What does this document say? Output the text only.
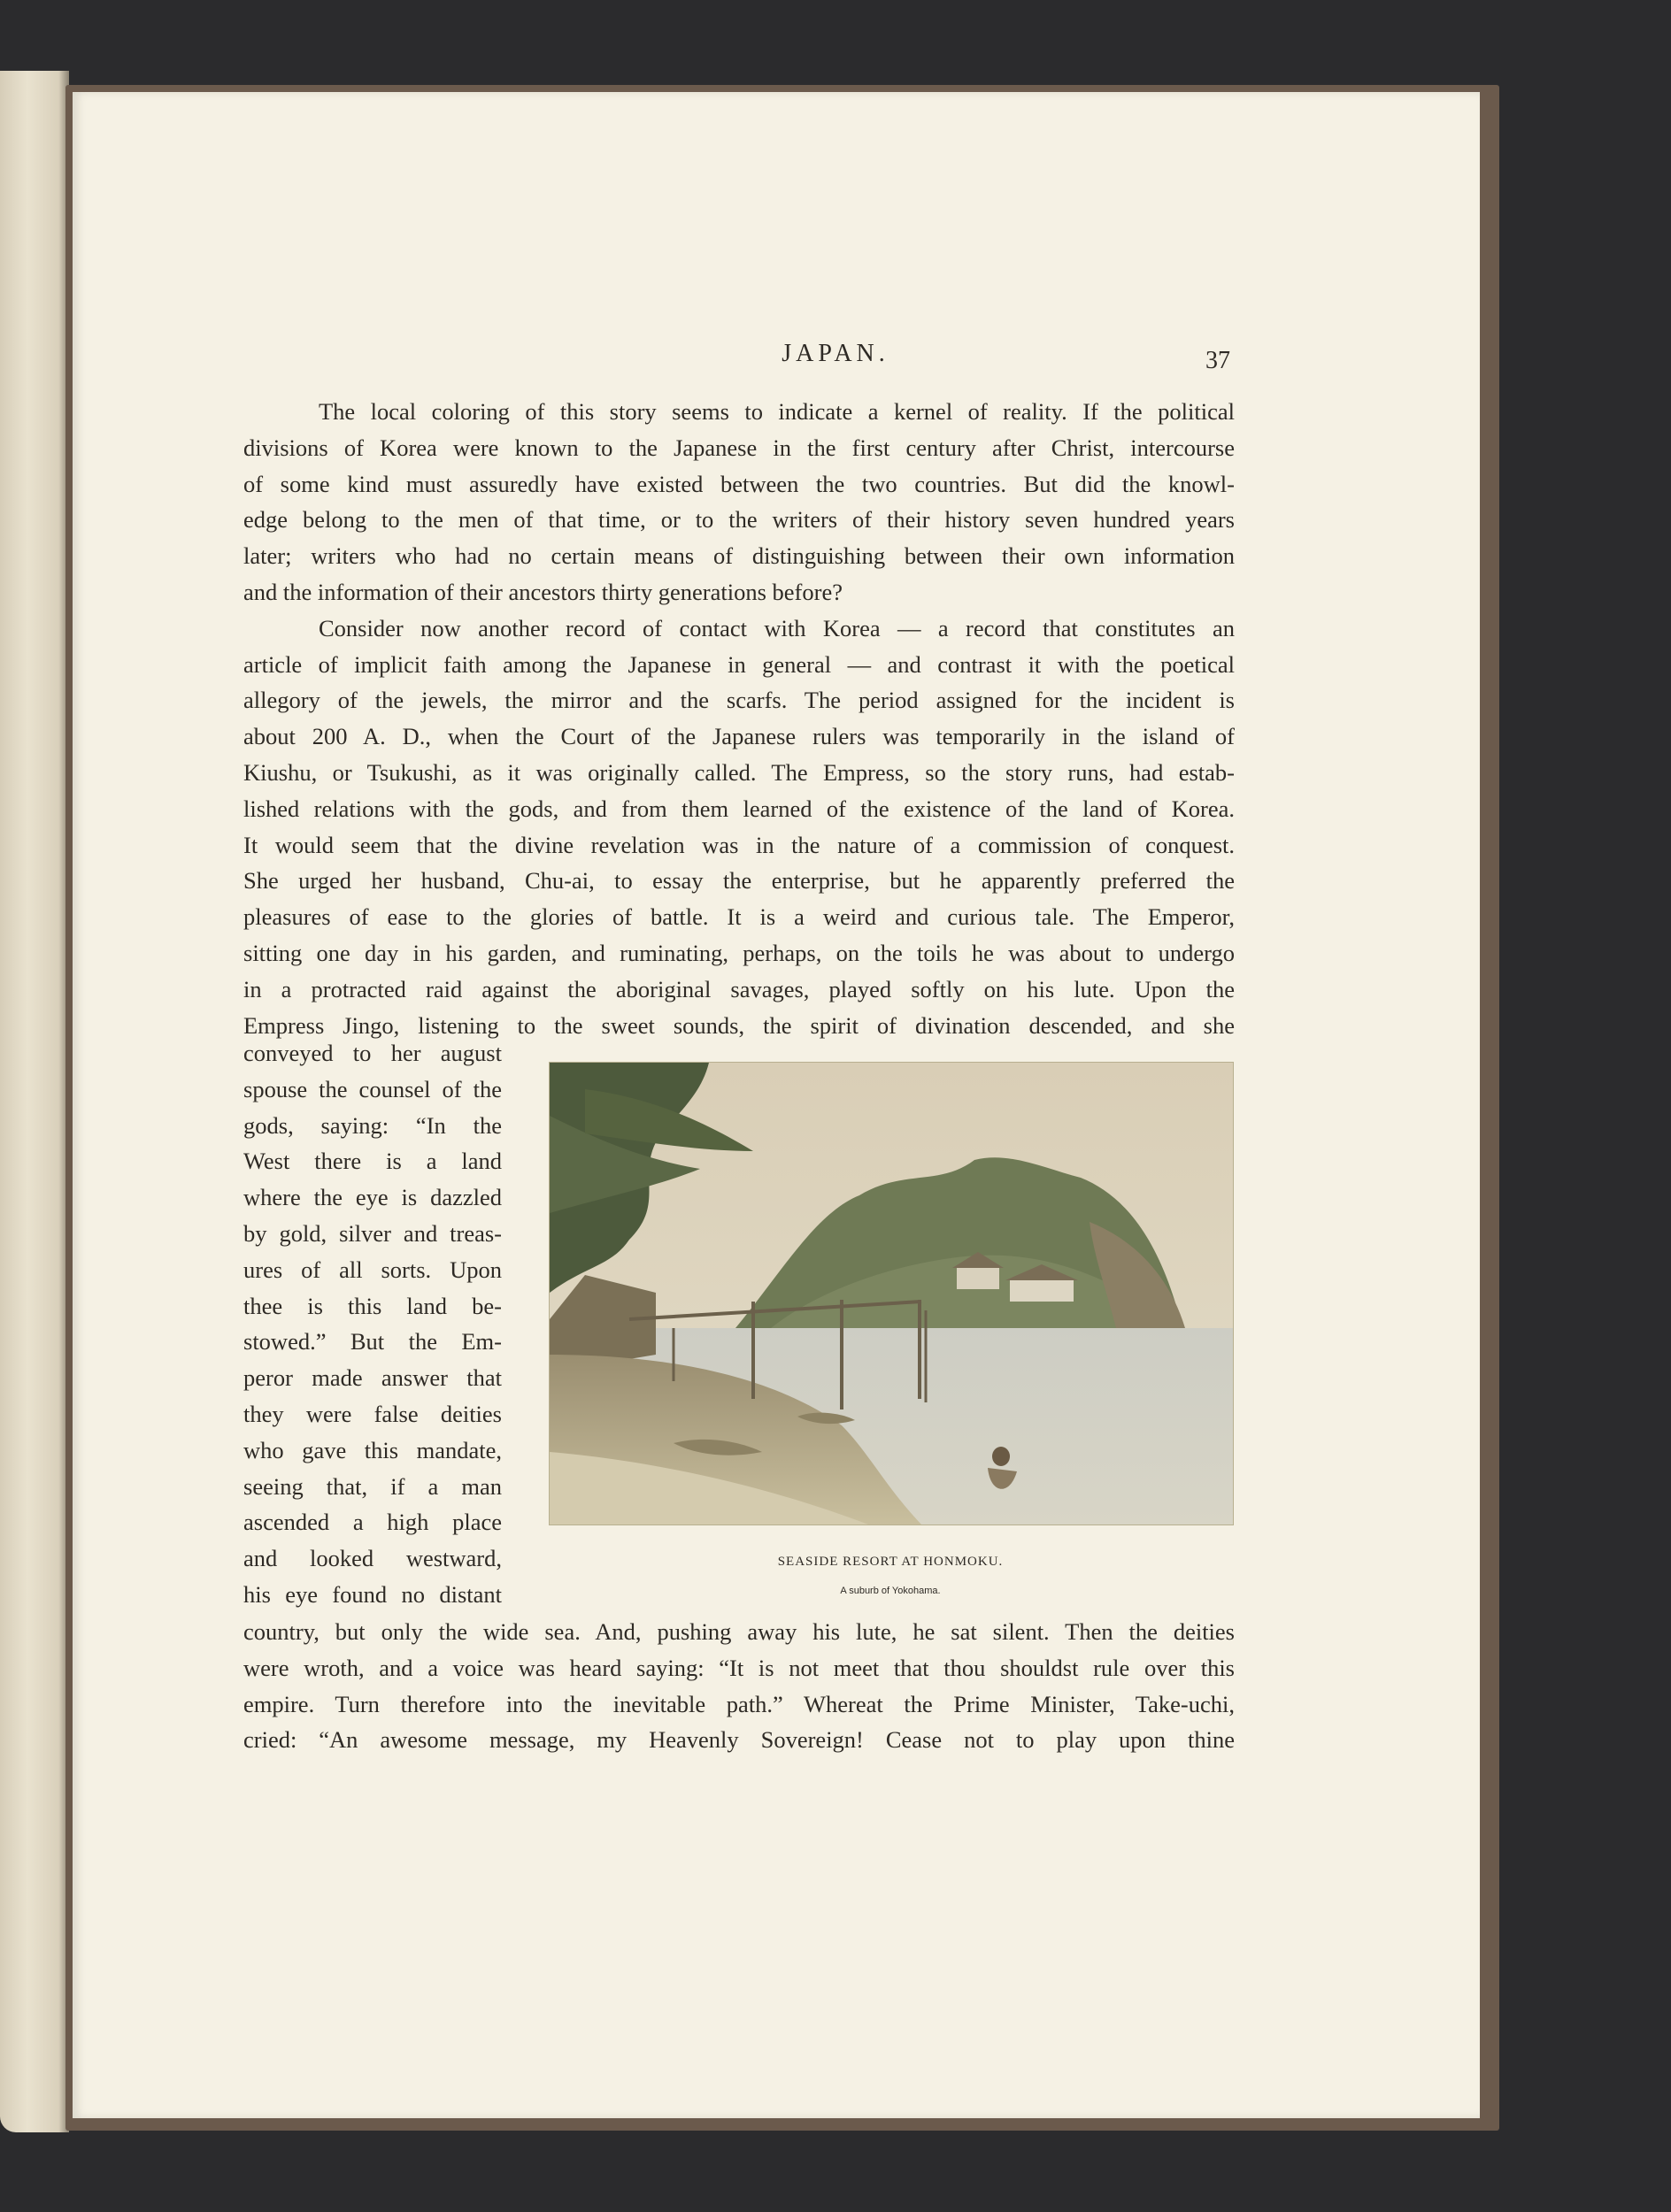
JAPAN.	37

The local coloring of this story seems to indicate a kernel of reality. If the political

divisions of Korea were known to the Japanese in the first century after Christ, intercourse

of some kind must assuredly have existed between the two countries. But did the knowl-

edge belong to the men of that time, or to the writers of their history seven hundred years

later; writers who had no certain means of distinguishing between their own information

and the information of their ancestors thirty generations before?

Consider now another record of contact with Korea — a record that constitutes an

article of implicit faith among the Japanese in general — and contrast it with the poetical

allegory of the jewels, the mirror and the scarfs. The period assigned for the incident is

about 200 A. D., when the Court of the Japanese rulers was temporarily in the island of

Kiushu, or Tsukushi, as it was originally called. The Empress, so the story runs, had estab-

lished relations with the gods, and from them learned of the existence of the land of Korea.

It would seem that the divine revelation was in the nature of a commission of conquest.

She urged her husband, Chu-ai, to essay the enterprise, but he apparently preferred the

pleasures of ease to the glories of battle. It is a weird and curious tale. The Emperor,

sitting one day in his garden, and ruminating, perhaps, on the toils he was about to undergo

in a protracted raid against the aboriginal savages, played softly on his lute. Upon the

Empress Jingo, listening to the sweet sounds, the spirit of divination descended, and she

conveyed to her august

spouse the counsel of the

gods, saying: “In the

West there is a land

where the eye is dazzled

by gold, silver and treas-

ures of all sorts. Upon

thee is this land be-

stowed.” But the Em-

peror made answer that

they were false deities

who gave this mandate,

seeing that, if a man

ascended a high place

and looked westward,

his eye found no distant

SEASIDE RESORT AT HONMOKU.
A suburb of Yokohama.

country, but only the wide sea. And, pushing away his lute, he sat silent. Then the deities

were wroth, and a voice was heard saying: “It is not meet that thou shouldst rule over this

empire. Turn therefore into the inevitable path.” Whereat the Prime Minister, Take-uchi,

cried: “An awesome message, my Heavenly Sovereign! Cease not to play upon thine
